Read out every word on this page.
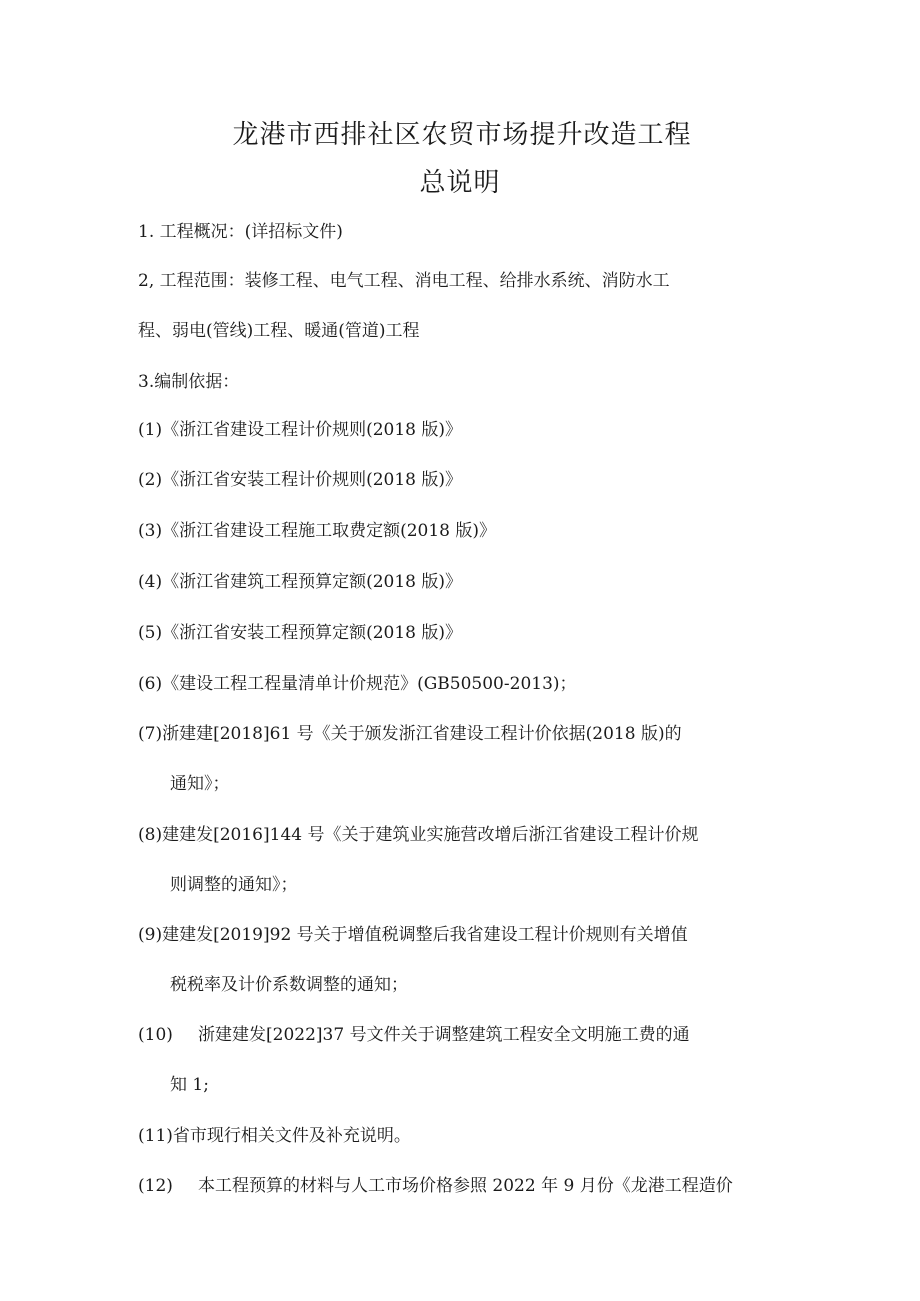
龙港市西排社区农贸市场提升改造工程
总说明
1. 工程概况：(详招标文件)
2, 工程范围：装修工程、电气工程、消电工程、给排水系统、消防水工
程、弱电(管线)工程、暖通(管道)工程
3.编制依据：
(1)《浙江省建设工程计价规则(2018 版)》
(2)《浙江省安装工程计价规则(2018 版)》
(3)《浙江省建设工程施工取费定额(2018 版)》
(4)《浙江省建筑工程预算定额(2018 版)》
(5)《浙江省安装工程预算定额(2018 版)》
(6)《建设工程工程量清单计价规范》(GB50500-2013)；
(7)浙建建[2018]61 号《关于颁发浙江省建设工程计价依据(2018 版)的
通知》；
(8)建建发[2016]144 号《关于建筑业实施营改增后浙江省建设工程计价规
则调整的通知》；
(9)建建发[2019]92 号关于增值税调整后我省建设工程计价规则有关增值
税税率及计价系数调整的通知；
(10) 浙建建发[2022]37 号文件关于调整建筑工程安全文明施工费的通
知 1;
(11)省市现行相关文件及补充说明。
(12) 本工程预算的材料与人工市场价格参照 2022 年 9 月份《龙港工程造价
